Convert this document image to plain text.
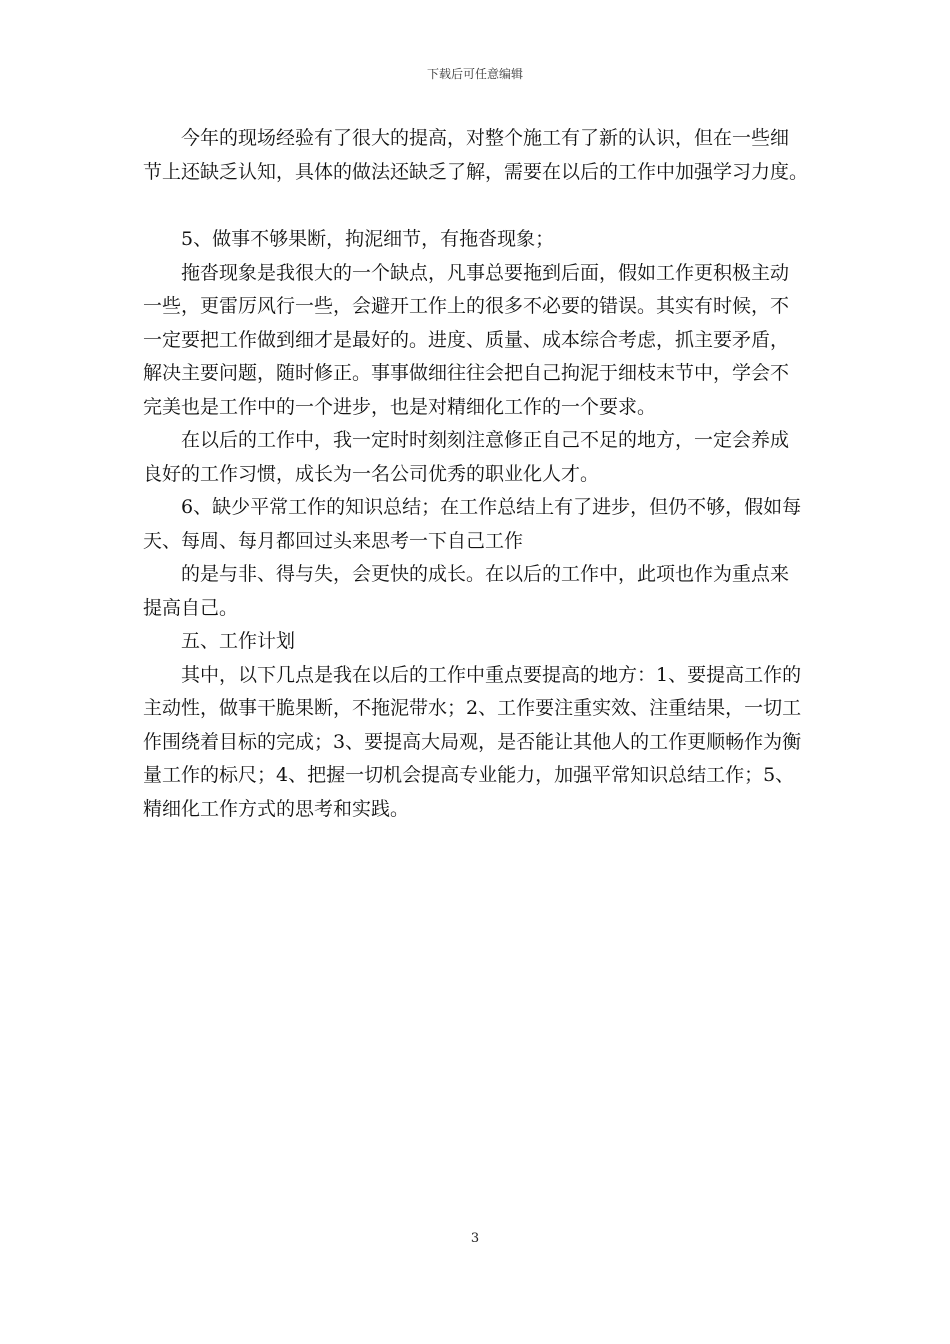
下载后可任意编辑
今年的现场经验有了很大的提高，对整个施工有了新的认识，但在一些细
节上还缺乏认知，具体的做法还缺乏了解，需要在以后的工作中加强学习力度。
5、做事不够果断，拘泥细节，有拖沓现象；
拖沓现象是我很大的一个缺点，凡事总要拖到后面，假如工作更积极主动
一些，更雷厉风行一些，会避开工作上的很多不必要的错误。其实有时候，不
一定要把工作做到细才是最好的。进度、质量、成本综合考虑，抓主要矛盾，
解决主要问题，随时修正。事事做细往往会把自己拘泥于细枝末节中，学会不
完美也是工作中的一个进步，也是对精细化工作的一个要求。
在以后的工作中，我一定时时刻刻注意修正自己不足的地方，一定会养成
良好的工作习惯，成长为一名公司优秀的职业化人才。
6、缺少平常工作的知识总结；在工作总结上有了进步，但仍不够，假如每
天、每周、每月都回过头来思考一下自己工作
的是与非、得与失，会更快的成长。在以后的工作中，此项也作为重点来
提高自己。
五、工作计划
其中，以下几点是我在以后的工作中重点要提高的地方：1、要提高工作的
主动性，做事干脆果断，不拖泥带水；2、工作要注重实效、注重结果，一切工
作围绕着目标的完成；3、要提高大局观，是否能让其他人的工作更顺畅作为衡
量工作的标尺；4、把握一切机会提高专业能力，加强平常知识总结工作；5、
精细化工作方式的思考和实践。
3
